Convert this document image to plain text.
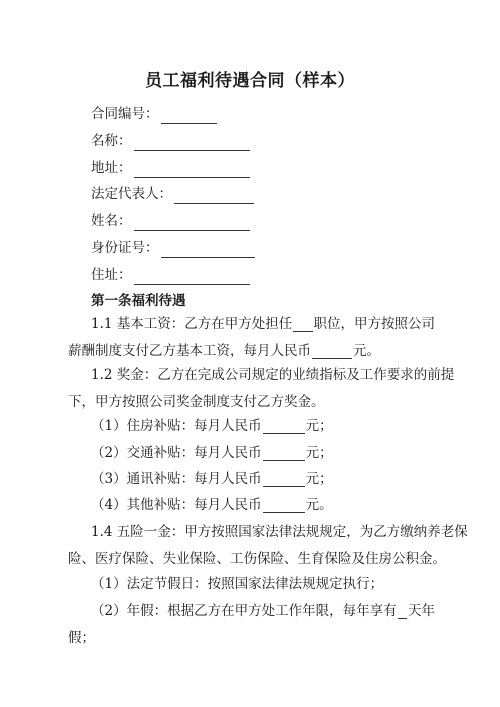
员工福利待遇合同（样本）
合同编号：
名称：
地址：
法定代表人：
姓名：
身份证号：
住址：
第一条福利待遇
1.1 基本工资：乙方在甲方处担任 职位，甲方按照公司
薪酬制度支付乙方基本工资，每月人民币	元。
1.2 奖金：乙方在完成公司规定的业绩指标及工作要求的前提
下，甲方按照公司奖金制度支付乙方奖金。
（1）住房补贴：每月人民币	元；
（2）交通补贴：每月人民币	元；
（3）通讯补贴：每月人民币	元；
（4）其他补贴：每月人民币	元。
1.4 五险一金：甲方按照国家法律法规规定，为乙方缴纳养老保
险、医疗保险、失业保险、工伤保险、生育保险及住房公积金。
（1）法定节假日：按照国家法律法规规定执行；
（2）年假：根据乙方在甲方处工作年限，每年享有 天年
假；
